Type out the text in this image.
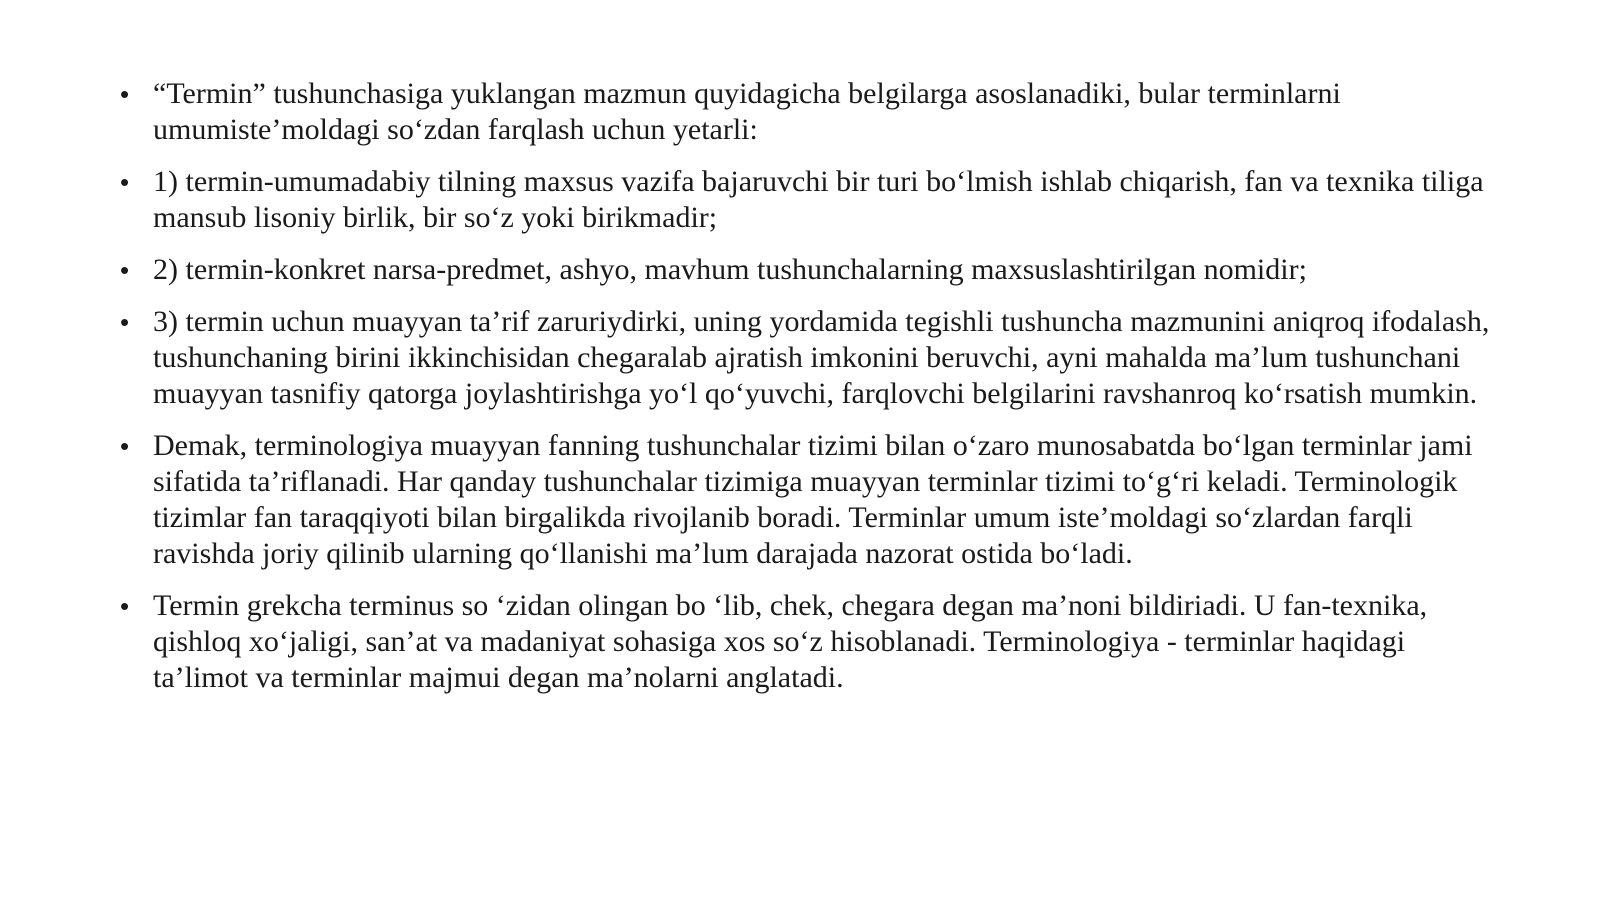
• “Termin” tushunchasiga yuklangan mazmun quyidagicha belgilarga asoslanadiki, bular terminlarni umumiste’moldagi so‘zdan farqlash uchun yetarli:
• 1) termin-umumadabiy tilning maxsus vazifa bajaruvchi bir turi bo‘lmish ishlab chiqarish, fan va texnika tiliga mansub lisoniy birlik, bir so‘z yoki birikmadir;
• 2) termin-konkret narsa-predmet, ashyo, mavhum tushunchalarning maxsuslashtirilgan nomidir;
• 3) termin uchun muayyan ta’rif zaruriydirki, uning yordamida tegishli tushuncha mazmunini aniqroq ifodalash, tushunchaning birini ikkinchisidan chegaralab ajratish imkonini beruvchi, ayni mahalda ma’lum tushunchani muayyan tasnifiy qatorga joylashtirishga yo‘l qo‘yuvchi, farqlovchi belgilarini ravshanroq ko‘rsatish mumkin.
• Demak, terminologiya muayyan fanning tushunchalar tizimi bilan o‘zaro munosabatda bo‘lgan terminlar jami sifatida ta’riflanadi. Har qanday tushunchalar tizimiga muayyan terminlar tizimi to‘g‘ri keladi. Terminologik tizimlar fan taraqqiyoti bilan birgalikda rivojlanib boradi. Terminlar umum iste’moldagi so‘zlardan farqli ravishda joriy qilinib ularning qo‘llanishi ma’lum darajada nazorat ostida bo‘ladi.
• Termin grekcha terminus so ‘zidan olingan bo ‘lib, chek, chegara degan ma’noni bildiriadi. U fan-texnika, qishloq xo‘jaligi, san’at va madaniyat sohasiga xos so‘z hisoblanadi. Terminologiya - terminlar haqidagi ta’limot va terminlar majmui degan ma’nolarni anglatadi.
